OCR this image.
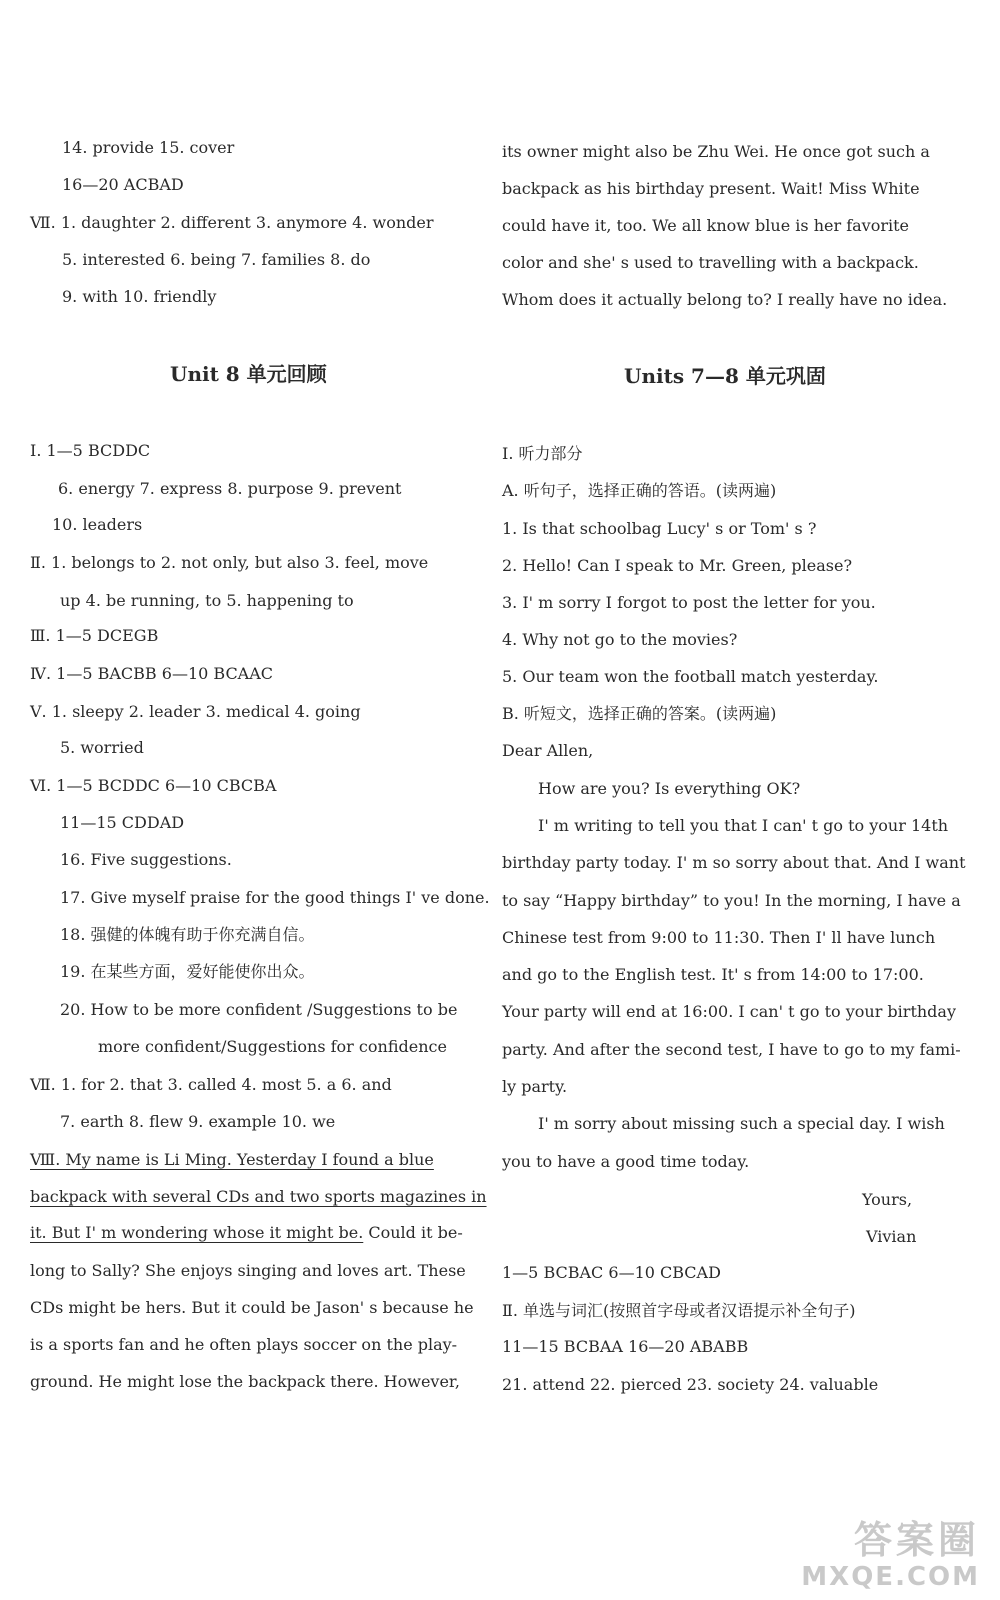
14. provide 15. cover
16—20 ACBAD
Ⅶ. 1. daughter 2. different 3. anymore 4. wonder
5. interested 6. being 7. families 8. do
9. with 10. friendly
Unit 8 单元回顾
Ⅰ. 1—5 BCDDC
6. energy 7. express 8. purpose 9. prevent
10. leaders
Ⅱ. 1. belongs to 2. not only, but also 3. feel, move
up 4. be running, to 5. happening to
Ⅲ. 1—5 DCEGB
Ⅳ. 1—5 BACBB 6—10 BCAAC
Ⅴ. 1. sleepy 2. leader 3. medical 4. going
5. worried
Ⅵ. 1—5 BCDDC 6—10 CBCBA
11—15 CDDAD
16. Five suggestions.
17. Give myself praise for the good things I' ve done.
18. 强健的体魄有助于你充满自信。
19. 在某些方面，爱好能使你出众。
20. How to be more confident /Suggestions to be
more confident/Suggestions for confidence
Ⅶ. 1. for 2. that 3. called 4. most 5. a 6. and
7. earth 8. flew 9. example 10. we
Ⅷ. My name is Li Ming. Yesterday I found a blue
backpack with several CDs and two sports magazines in
it. But I' m wondering whose it might be. Could it be-
long to Sally? She enjoys singing and loves art. These
CDs might be hers. But it could be Jason' s because he
is a sports fan and he often plays soccer on the play-
ground. He might lose the backpack there. However,
its owner might also be Zhu Wei. He once got such a
backpack as his birthday present. Wait! Miss White
could have it, too. We all know blue is her favorite
color and she' s used to travelling with a backpack.
Whom does it actually belong to? I really have no idea.
Units 7—8 单元巩固
Ⅰ. 听力部分
A. 听句子，选择正确的答语。(读两遍)
1. Is that schoolbag Lucy' s or Tom' s ?
2. Hello! Can I speak to Mr. Green, please?
3. I' m sorry I forgot to post the letter for you.
4. Why not go to the movies?
5. Our team won the football match yesterday.
B. 听短文，选择正确的答案。(读两遍)
Dear Allen,
How are you? Is everything OK?
I' m writing to tell you that I can' t go to your 14th
birthday party today. I' m so sorry about that. And I want
to say “Happy birthday” to you! In the morning, I have a
Chinese test from 9:00 to 11:30. Then I' ll have lunch
and go to the English test. It' s from 14:00 to 17:00.
Your party will end at 16:00. I can' t go to your birthday
party. And after the second test, I have to go to my fami-
ly party.
I' m sorry about missing such a special day. I wish
you to have a good time today.
Yours,
Vivian
1—5 BCBAC 6—10 CBCAD
Ⅱ. 单选与词汇(按照首字母或者汉语提示补全句子)
11—15 BCBAA 16—20 ABABB
21. attend 22. pierced 23. society 24. valuable
答案圈
MXQE.COM
